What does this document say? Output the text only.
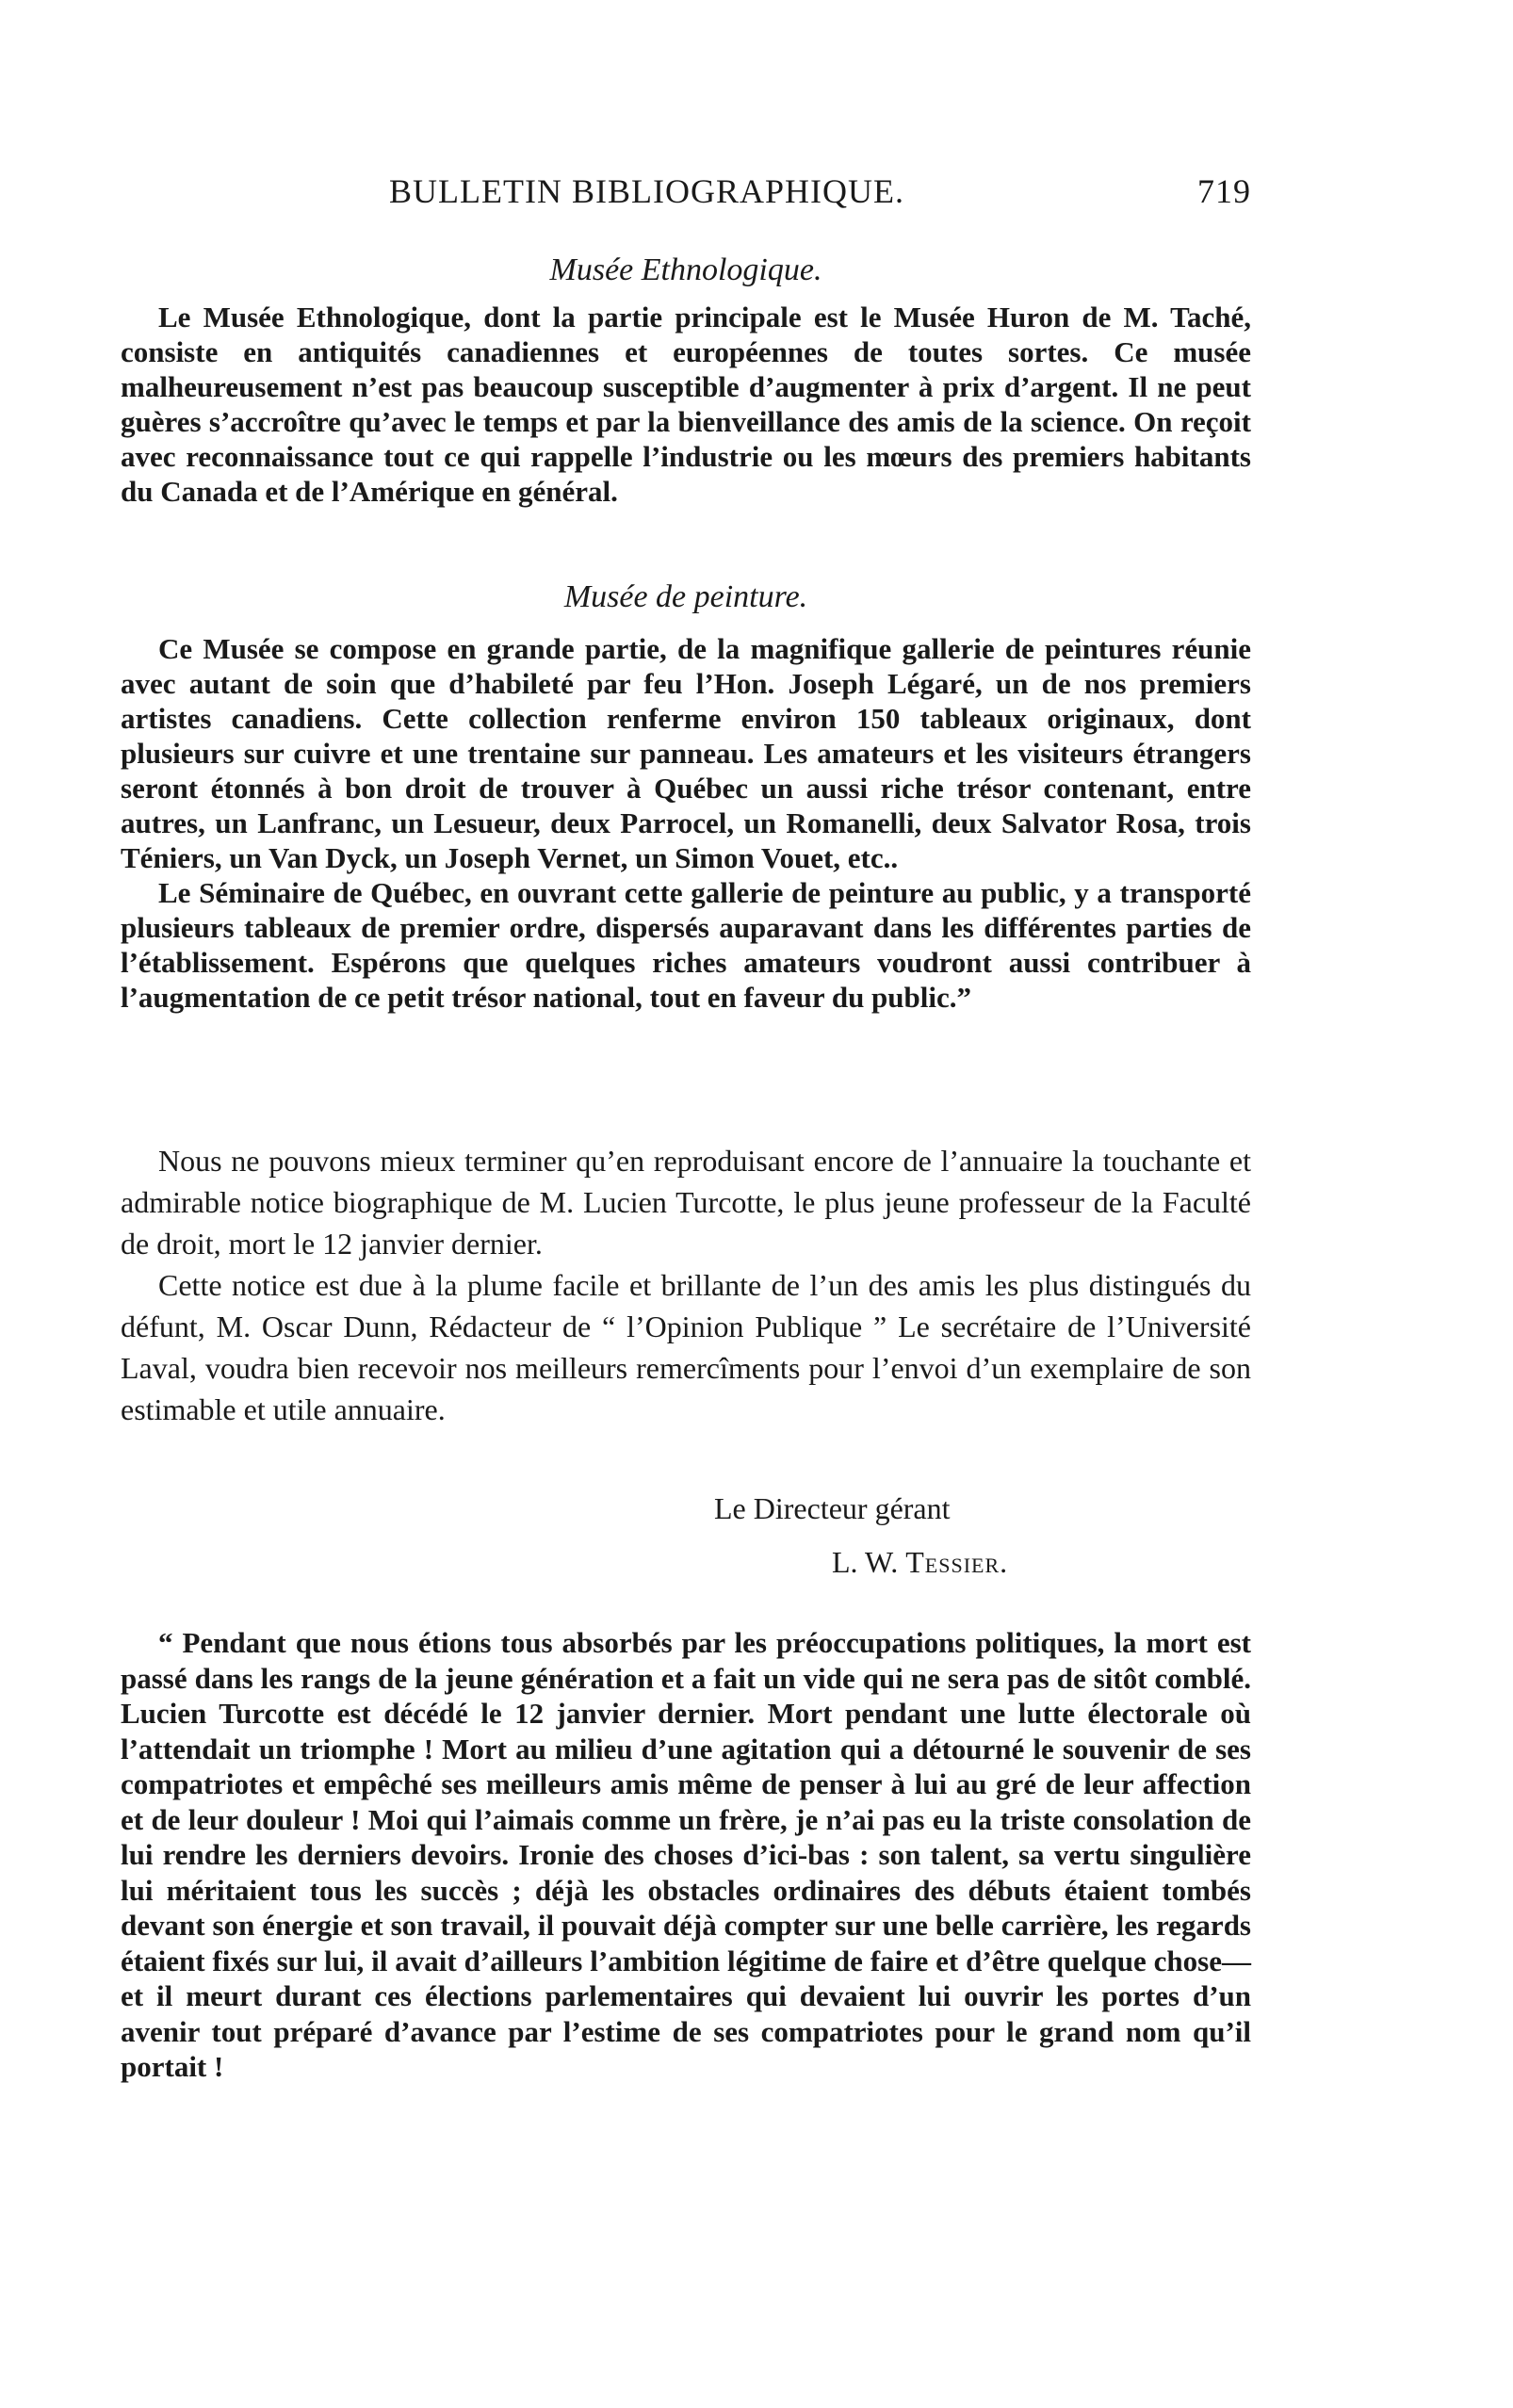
BULLETIN BIBLIOGRAPHIQUE.	719

Musée Ethnologique.

Le Musée Ethnologique, dont la partie principale est le Musée Huron de M. Taché, consiste en antiquités canadiennes et européennes de toutes sortes. Ce musée malheureusement n’est pas beaucoup susceptible d’augmenter à prix d’argent. Il ne peut guères s’accroître qu’avec le temps et par la bienveillance des amis de la science. On reçoit avec reconnaissance tout ce qui rappelle l’industrie ou les mœurs des premiers habitants du Canada et de l’Amérique en général.

Musée de peinture.

Ce Musée se compose en grande partie, de la magnifique gallerie de peintures réunie avec autant de soin que d’habileté par feu l’Hon. Joseph Légaré, un de nos premiers artistes canadiens. Cette collection renferme environ 150 tableaux originaux, dont plusieurs sur cuivre et une trentaine sur panneau. Les amateurs et les visiteurs étrangers seront étonnés à bon droit de trouver à Québec un aussi riche trésor contenant, entre autres, un Lanfranc, un Lesueur, deux Parrocel, un Romanelli, deux Salvator Rosa, trois Téniers, un Van Dyck, un Joseph Vernet, un Simon Vouet, etc..

Le Séminaire de Québec, en ouvrant cette gallerie de peinture au public, y a transporté plusieurs tableaux de premier ordre, dispersés auparavant dans les différentes parties de l’établissement. Espérons que quelques riches amateurs voudront aussi contribuer à l’augmentation de ce petit trésor national, tout en faveur du public.”

Nous ne pouvons mieux terminer qu’en reproduisant encore de l’annuaire la touchante et admirable notice biographique de M. Lucien Turcotte, le plus jeune professeur de la Faculté de droit, mort le 12 janvier dernier.

Cette notice est due à la plume facile et brillante de l’un des amis les plus distingués du défunt, M. Oscar Dunn, Rédacteur de “ l’Opinion Publique ” Le secrétaire de l’Université Laval, voudra bien recevoir nos meilleurs remercîments pour l’envoi d’un exemplaire de son estimable et utile annuaire.

Le Directeur gérant
L. W. Tessier.

“ Pendant que nous étions tous absorbés par les préoccupations politiques, la mort est passé dans les rangs de la jeune génération et a fait un vide qui ne sera pas de sitôt comblé. Lucien Turcotte est décédé le 12 janvier dernier. Mort pendant une lutte électorale où l’attendait un triomphe ! Mort au milieu d’une agitation qui a détourné le souvenir de ses compatriotes et empêché ses meilleurs amis même de penser à lui au gré de leur affection et de leur douleur ! Moi qui l’aimais comme un frère, je n’ai pas eu la triste consolation de lui rendre les derniers devoirs. Ironie des choses d’ici-bas : son talent, sa vertu singulière lui méritaient tous les succès ; déjà les obstacles ordinaires des débuts étaient tombés devant son énergie et son travail, il pouvait déjà compter sur une belle carrière, les regards étaient fixés sur lui, il avait d’ailleurs l’ambition légitime de faire et d’être quelque chose—et il meurt durant ces élections parlementaires qui devaient lui ouvrir les portes d’un avenir tout préparé d’avance par l’estime de ses compatriotes pour le grand nom qu’il portait !
